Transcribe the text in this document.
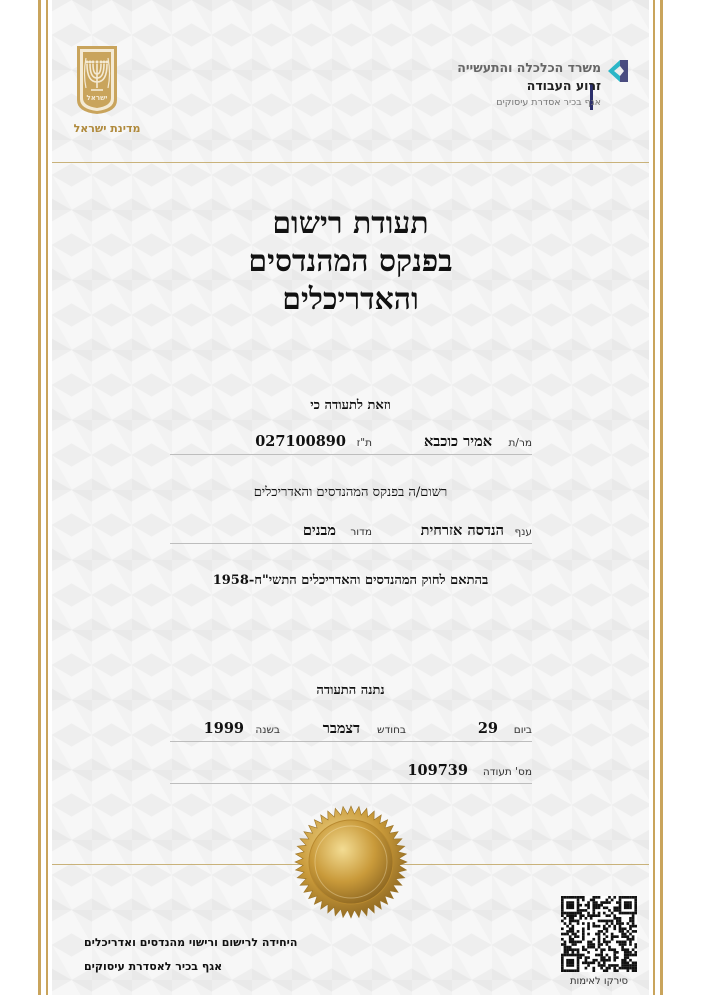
ישראל
מדינת ישראל
משרד הכלכלה והתעשייה
זרוע העבודה
אגף בכיר אסדרת עיסוקים
תעודת רישום
בפנקס המהנדסים
והאדריכלים
וזאת לתעודה כי
מר/ת
אמיר כוכבא
ת"ז
027100890
רשום/ה בפנקס המהנדסים והאדריכלים
ענף
הנדסה אזרחית
מדור
מבנים
בהתאם לחוק המהנדסים והאדריכלים התשי"ח-1958
נתנה התעודה
ביום
29
בחודש
דצמבר
בשנה
1999
מס' תעודה
109739
היחידה לרישום ורישוי מהנדסים ואדריכלים
אגף בכיר לאסדרת עיסוקים
סירקו לאימות
